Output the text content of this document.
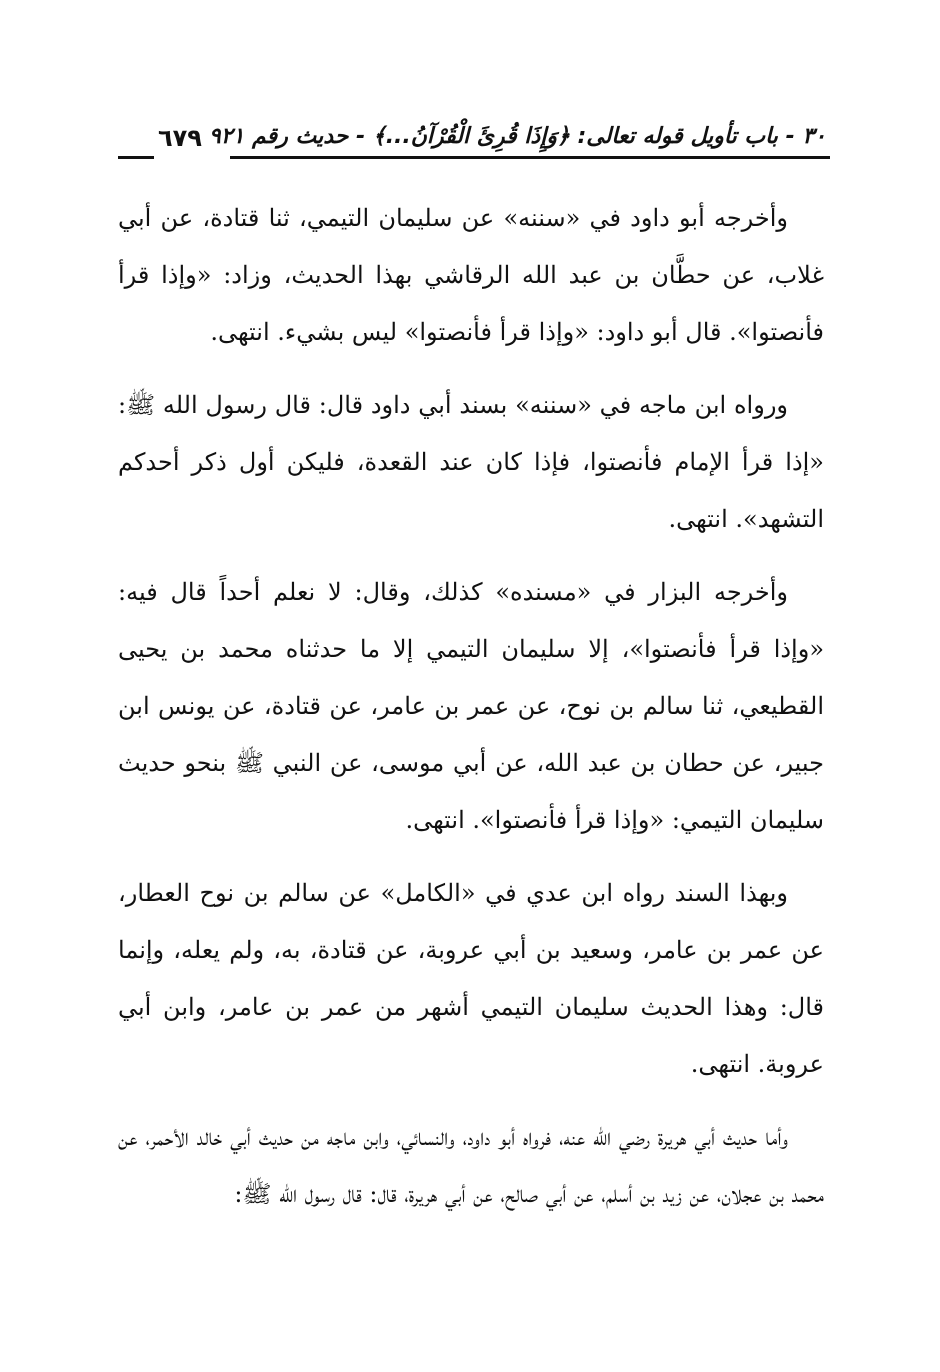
٣٠ - باب تأويل قوله تعالى: ﴿وَإِذَا قُرِئَ الْقُرْآنُ...﴾ - حديث رقم ٩٢١
٦٧٩

وأخرجه أبو داود في «سننه» عن سليمان التيمي، ثنا قتادة، عن أبي غلاب، عن حطَّان بن عبد الله الرقاشي بهذا الحديث، وزاد: «وإذا قرأ فأنصتوا». قال أبو داود: «وإذا قرأ فأنصتوا» ليس بشيء. انتهى.

ورواه ابن ماجه في «سننه» بسند أبي داود قال: قال رسول الله ﷺ: «إذا قرأ الإمام فأنصتوا، فإذا كان عند القعدة، فليكن أول ذكر أحدكم التشهد». انتهى.

وأخرجه البزار في «مسنده» كذلك، وقال: لا نعلم أحداً قال فيه: «وإذا قرأ فأنصتوا»، إلا سليمان التيمي إلا ما حدثناه محمد بن يحيى القطيعي، ثنا سالم بن نوح، عن عمر بن عامر، عن قتادة، عن يونس ابن جبير، عن حطان بن عبد الله، عن أبي موسى، عن النبي ﷺ بنحو حديث سليمان التيمي: «وإذا قرأ فأنصتوا». انتهى.

وبهذا السند رواه ابن عدي في «الكامل» عن سالم بن نوح العطار، عن عمر بن عامر، وسعيد بن أبي عروبة، عن قتادة، به، ولم يعله، وإنما قال: وهذا الحديث سليمان التيمي أشهر من عمر بن عامر، وابن أبي عروبة. انتهى.

وأما حديث أبي هريرة رضي الله عنه، فرواه أبو داود، والنسائي، وابن ماجه من حديث أبي خالد الأحمر، عن محمد بن عجلان، عن زيد بن أسلم، عن أبي صالح، عن أبي هريرة، قال: قال رسول الله ﷺ:
